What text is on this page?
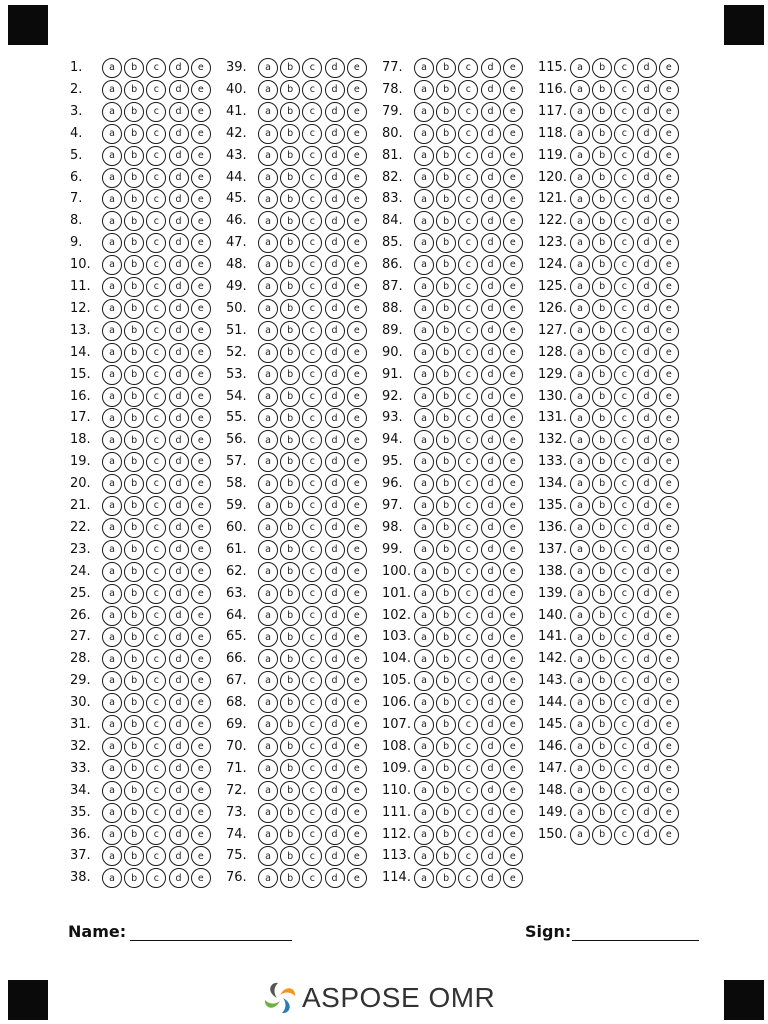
1.	a	b	c	d	e
2.	a	b	c	d	e
3.	a	b	c	d	e
4.	a	b	c	d	e
5.	a	b	c	d	e
6.	a	b	c	d	e
7.	a	b	c	d	e
8.	a	b	c	d	e
9.	a	b	c	d	e
10.	a	b	c	d	e
11.	a	b	c	d	e
12.	a	b	c	d	e
13.	a	b	c	d	e
14.	a	b	c	d	e
15.	a	b	c	d	e
16.	a	b	c	d	e
17.	a	b	c	d	e
18.	a	b	c	d	e
19.	a	b	c	d	e
20.	a	b	c	d	e
21.	a	b	c	d	e
22.	a	b	c	d	e
23.	a	b	c	d	e
24.	a	b	c	d	e
25.	a	b	c	d	e
26.	a	b	c	d	e
27.	a	b	c	d	e
28.	a	b	c	d	e
29.	a	b	c	d	e
30.	a	b	c	d	e
31.	a	b	c	d	e
32.	a	b	c	d	e
33.	a	b	c	d	e
34.	a	b	c	d	e
35.	a	b	c	d	e
36.	a	b	c	d	e
37.	a	b	c	d	e
38.	a	b	c	d	e
39.	a	b	c	d	e
40.	a	b	c	d	e
41.	a	b	c	d	e
42.	a	b	c	d	e
43.	a	b	c	d	e
44.	a	b	c	d	e
45.	a	b	c	d	e
46.	a	b	c	d	e
47.	a	b	c	d	e
48.	a	b	c	d	e
49.	a	b	c	d	e
50.	a	b	c	d	e
51.	a	b	c	d	e
52.	a	b	c	d	e
53.	a	b	c	d	e
54.	a	b	c	d	e
55.	a	b	c	d	e
56.	a	b	c	d	e
57.	a	b	c	d	e
58.	a	b	c	d	e
59.	a	b	c	d	e
60.	a	b	c	d	e
61.	a	b	c	d	e
62.	a	b	c	d	e
63.	a	b	c	d	e
64.	a	b	c	d	e
65.	a	b	c	d	e
66.	a	b	c	d	e
67.	a	b	c	d	e
68.	a	b	c	d	e
69.	a	b	c	d	e
70.	a	b	c	d	e
71.	a	b	c	d	e
72.	a	b	c	d	e
73.	a	b	c	d	e
74.	a	b	c	d	e
75.	a	b	c	d	e
76.	a	b	c	d	e
77.	a	b	c	d	e
78.	a	b	c	d	e
79.	a	b	c	d	e
80.	a	b	c	d	e
81.	a	b	c	d	e
82.	a	b	c	d	e
83.	a	b	c	d	e
84.	a	b	c	d	e
85.	a	b	c	d	e
86.	a	b	c	d	e
87.	a	b	c	d	e
88.	a	b	c	d	e
89.	a	b	c	d	e
90.	a	b	c	d	e
91.	a	b	c	d	e
92.	a	b	c	d	e
93.	a	b	c	d	e
94.	a	b	c	d	e
95.	a	b	c	d	e
96.	a	b	c	d	e
97.	a	b	c	d	e
98.	a	b	c	d	e
99.	a	b	c	d	e
100.	a	b	c	d	e
101.	a	b	c	d	e
102.	a	b	c	d	e
103.	a	b	c	d	e
104.	a	b	c	d	e
105.	a	b	c	d	e
106.	a	b	c	d	e
107.	a	b	c	d	e
108.	a	b	c	d	e
109.	a	b	c	d	e
110.	a	b	c	d	e
111.	a	b	c	d	e
112.	a	b	c	d	e
113.	a	b	c	d	e
114.	a	b	c	d	e
115.	a	b	c	d	e
116.	a	b	c	d	e
117.	a	b	c	d	e
118.	a	b	c	d	e
119.	a	b	c	d	e
120.	a	b	c	d	e
121.	a	b	c	d	e
122.	a	b	c	d	e
123.	a	b	c	d	e
124.	a	b	c	d	e
125.	a	b	c	d	e
126.	a	b	c	d	e
127.	a	b	c	d	e
128.	a	b	c	d	e
129.	a	b	c	d	e
130.	a	b	c	d	e
131.	a	b	c	d	e
132.	a	b	c	d	e
133.	a	b	c	d	e
134.	a	b	c	d	e
135.	a	b	c	d	e
136.	a	b	c	d	e
137.	a	b	c	d	e
138.	a	b	c	d	e
139.	a	b	c	d	e
140.	a	b	c	d	e
141.	a	b	c	d	e
142.	a	b	c	d	e
143.	a	b	c	d	e
144.	a	b	c	d	e
145.	a	b	c	d	e
146.	a	b	c	d	e
147.	a	b	c	d	e
148.	a	b	c	d	e
149.	a	b	c	d	e
150.	a	b	c	d	e
Name:	Sign:
ASPOSE OMR
